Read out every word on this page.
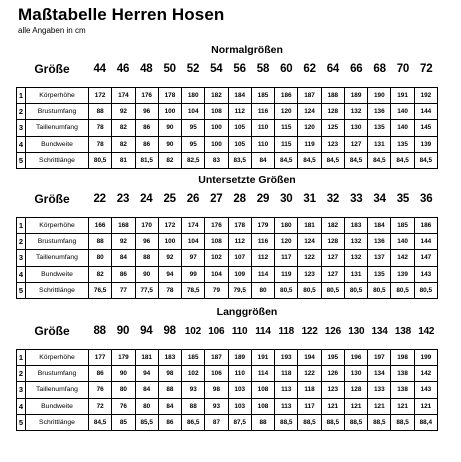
Maßtabelle Herren Hosen
alle Angaben in cm
Normalgrößen
Größe	44 46 48 50 52 54 56 58 60 62 64 66 68 70 72
1	Körperhöhe	172	174	176	178	180	182	184	185	186	187	188	189	190	191	192
2	Brustumfang	88	92	96	100	104	108	112	116	120	124	128	132	136	140	144
3	Taillenumfang	78	82	86	90	95	100	105	110	115	120	125	130	135	140	145
4	Bundweite	78	82	86	90	95	100	105	110	115	119	123	127	131	135	139
5	Schrittlänge	80,5	81	81,5	82	82,5	83	83,5	84	84,5	84,5	84,5	84,5	84,5	84,5	84,5
Untersetzte Größen
Größe	22 23 24 25 26 27 28 29 30 31 32 33 34 35 36
1	Körperhöhe	166	168	170	172	174	176	178	179	180	181	182	183	184	185	186
2	Brustumfang	88	92	96	100	104	108	112	116	120	124	128	132	136	140	144
3	Taillenumfang	80	84	88	92	97	102	107	112	117	122	127	132	137	142	147
4	Bundweite	82	86	90	94	99	104	109	114	119	123	127	131	135	139	143
5	Schrittlänge	76,5	77	77,5	78	78,5	79	79,5	80	80,5	80,5	80,5	80,5	80,5	80,5	80,5
Langgrößen
Größe	88 90 94 98 102 106 110 114 118 122 126 130 134 138 142
1	Körperhöhe	177	179	181	183	185	187	189	191	193	194	195	196	197	198	199
2	Brustumfang	86	90	94	98	102	106	110	114	118	122	126	130	134	138	142
3	Taillenumfang	76	80	84	88	93	98	103	108	113	118	123	128	133	138	143
4	Bundweite	72	76	80	84	88	93	103	108	113	117	121	121	121	121	121
5	Schrittlänge	84,5	85	85,5	86	86,5	87	87,5	88	88,5	88,5	88,5	88,5	88,5	88,5	88,4
